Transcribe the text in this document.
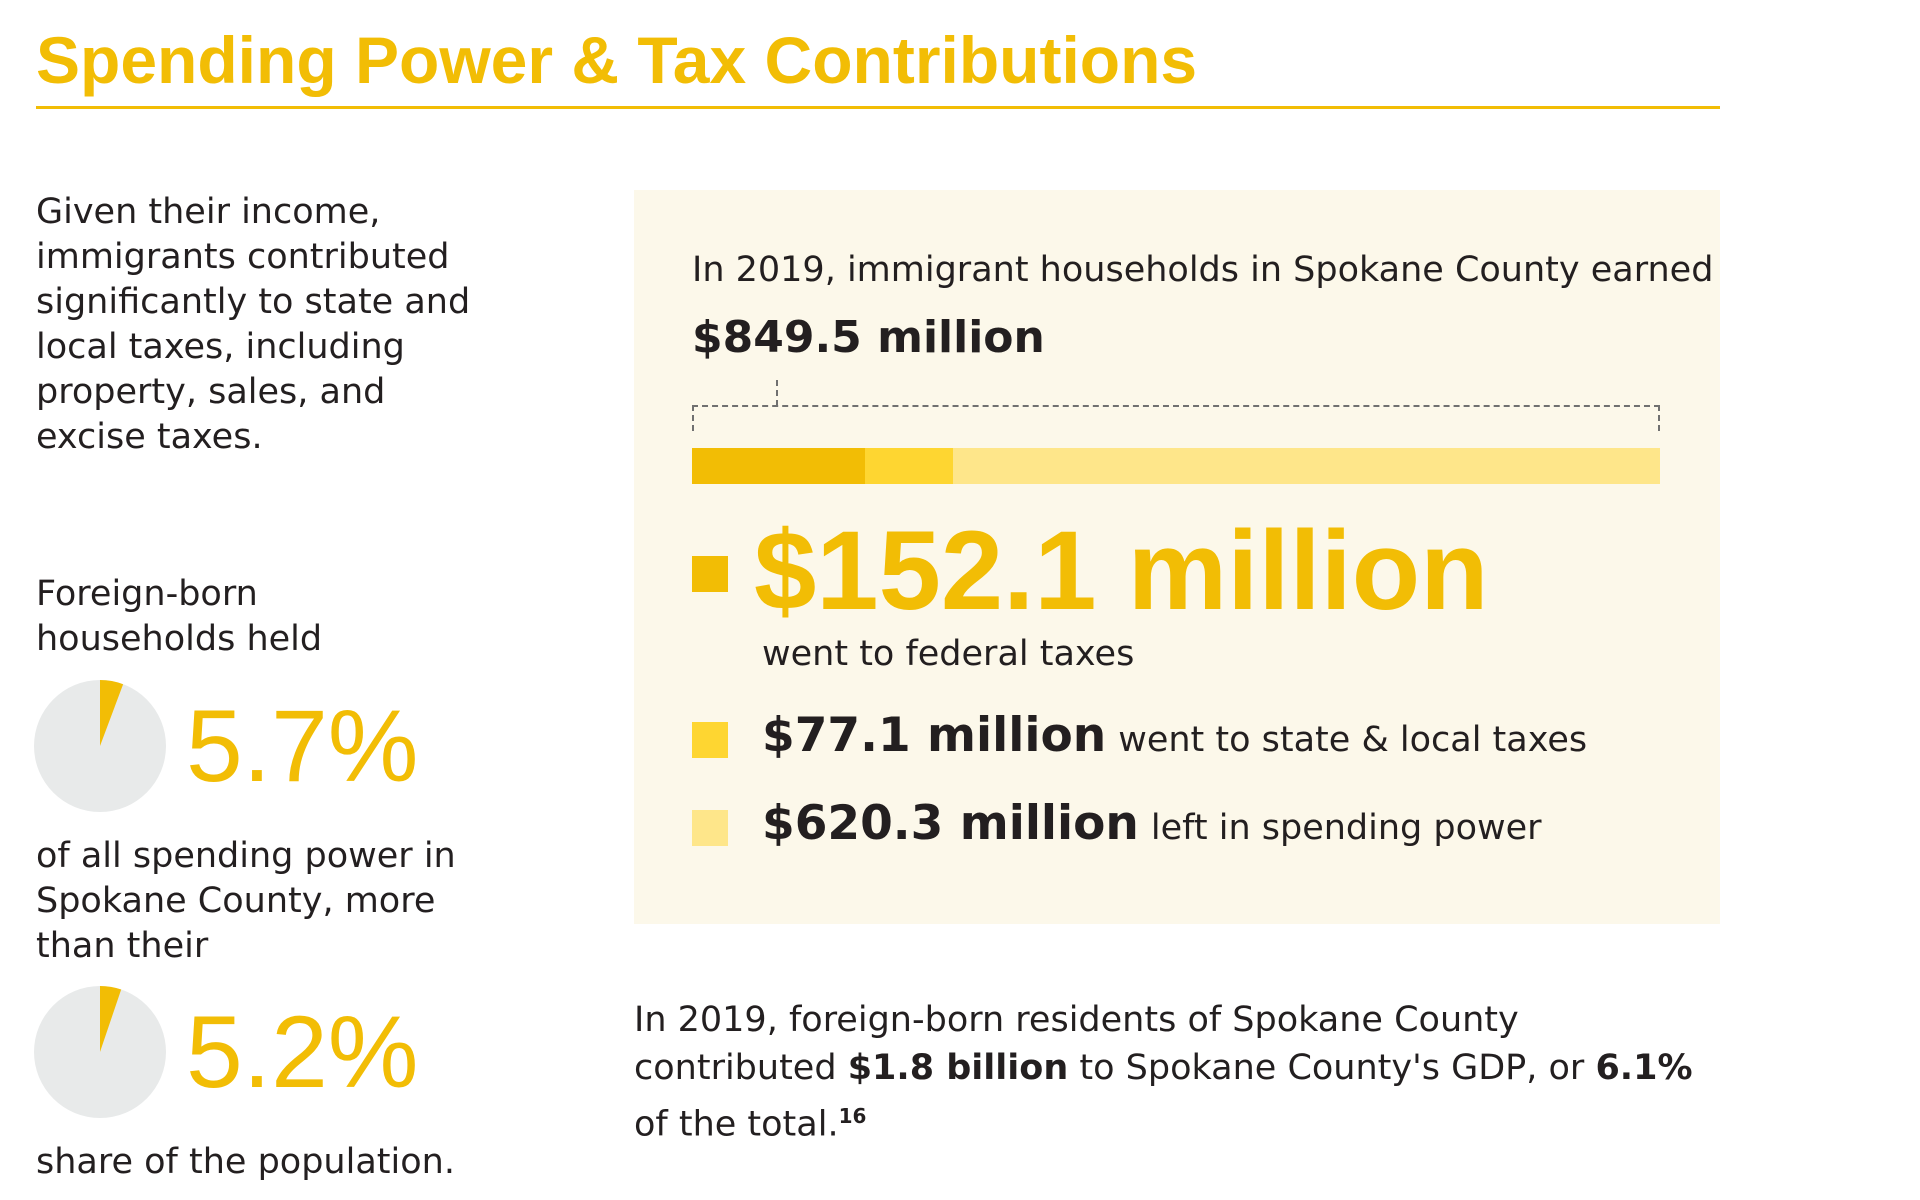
Spending Power & Tax Contributions
Given their income, immigrants contributed significantly to state and local taxes, including property, sales, and excise taxes.
Foreign-born households held
5.7%
of all spending power in Spokane County, more than their
5.2%
share of the population.
In 2019, immigrant households in Spokane County earned
$849.5 million
$152.1 million
went to federal taxes
$77.1 million went to state & local taxes
$620.3 million left in spending power
In 2019, foreign-born residents of Spokane County contributed $1.8 billion to Spokane County's GDP, or 6.1% of the total.$^{16}$
